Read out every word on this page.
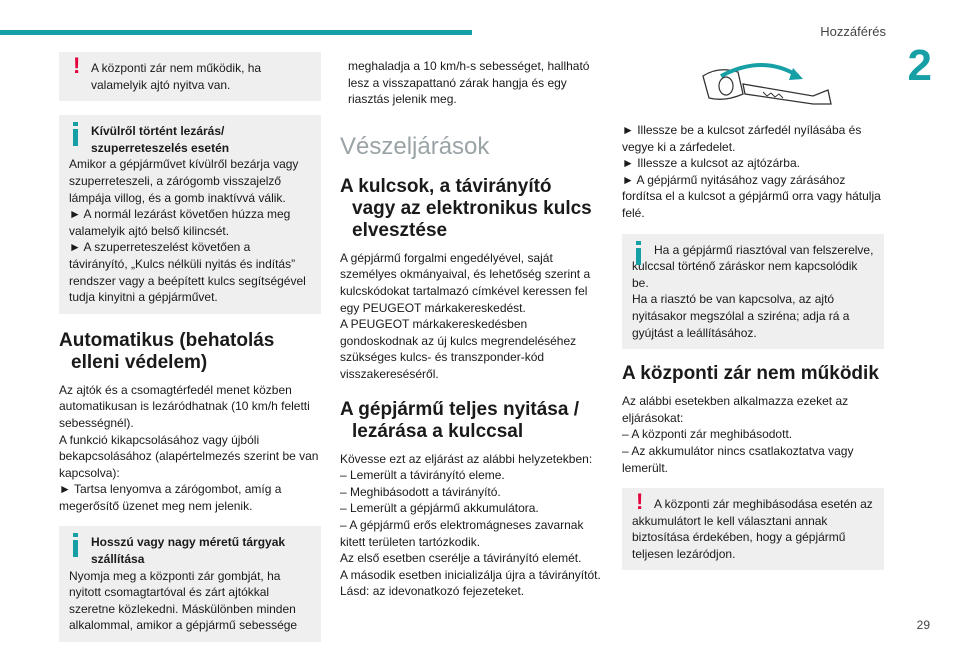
Hozzáférés
2
! A központi zár nem működik, ha valamelyik ajtó nyitva van.
Kívülről történt lezárás/ szuperreteszelés esetén
Amikor a gépjárművet kívülről bezárja vagy szuperreteszeli, a zárógomb visszajelző lámpája villog, és a gomb inaktívvá válik.
► A normál lezárást követően húzza meg valamelyik ajtó belső kilincsét.
► A szuperreteszelést követően a távirányító, „Kulcs nélküli nyitás és indítás” rendszer vagy a beépített kulcs segítségével tudja kinyitni a gépjárművet.
Automatikus (behatolás
elleni védelem)
Az ajtók és a csomagtérfedél menet közben automatikusan is lezáródhatnak (10 km/h feletti sebességnél).
A funkció kikapcsolásához vagy újbóli bekapcsolásához (alapértelmezés szerint be van kapcsolva):
► Tartsa lenyomva a zárógombot, amíg a megerősítő üzenet meg nem jelenik.
Hosszú vagy nagy méretű tárgyak szállítása
Nyomja meg a központi zár gombját, ha nyitott csomagtartóval és zárt ajtókkal szeretne közlekedni. Máskülönben minden alkalommal, amikor a gépjármű sebessége
meghaladja a 10 km/h-s sebességet, hallható lesz a visszapattanó zárak hangja és egy riasztás jelenik meg.
Vészeljárások
A kulcsok, a távirányító
vagy az elektronikus kulcs
elvesztése
A gépjármű forgalmi engedélyével, saját személyes okmányaival, és lehetőség szerint a kulcskódokat tartalmazó címkével keressen fel egy PEUGEOT márkakereskedést.
A PEUGEOT márkakereskedésben gondoskodnak az új kulcs megrendeléséhez szükséges kulcs- és transzponder-kód visszakereséséről.
A gépjármű teljes nyitása /
lezárása a kulccsal
Kövesse ezt az eljárást az alábbi helyzetekben:
– Lemerült a távirányító eleme.
– Meghibásodott a távirányító.
– Lemerült a gépjármű akkumulátora.
– A gépjármű erős elektromágneses zavarnak kitett területen tartózkodik.
Az első esetben cserélje a távirányító elemét.
A második esetben inicializálja újra a távirányítót. Lásd: az idevonatkozó fejezeteket.
► Illessze be a kulcsot zárfedél nyílásába és vegye ki a zárfedelet.
► Illessze a kulcsot az ajtózárba.
► A gépjármű nyitásához vagy zárásához fordítsa el a kulcsot a gépjármű orra vagy hátulja felé.
Ha a gépjármű riasztóval van felszerelve, kulccsal történő záráskor nem kapcsolódik be.
Ha a riasztó be van kapcsolva, az ajtó nyitásakor megszólal a sziréna; adja rá a gyújtást a leállításához.
A központi zár nem működik
Az alábbi esetekben alkalmazza ezeket az eljárásokat:
– A központi zár meghibásodott.
– Az akkumulátor nincs csatlakoztatva vagy lemerült.
! A központi zár meghibásodása esetén az akkumulátort le kell választani annak biztosítása érdekében, hogy a gépjármű teljesen lezáródjon.
29
